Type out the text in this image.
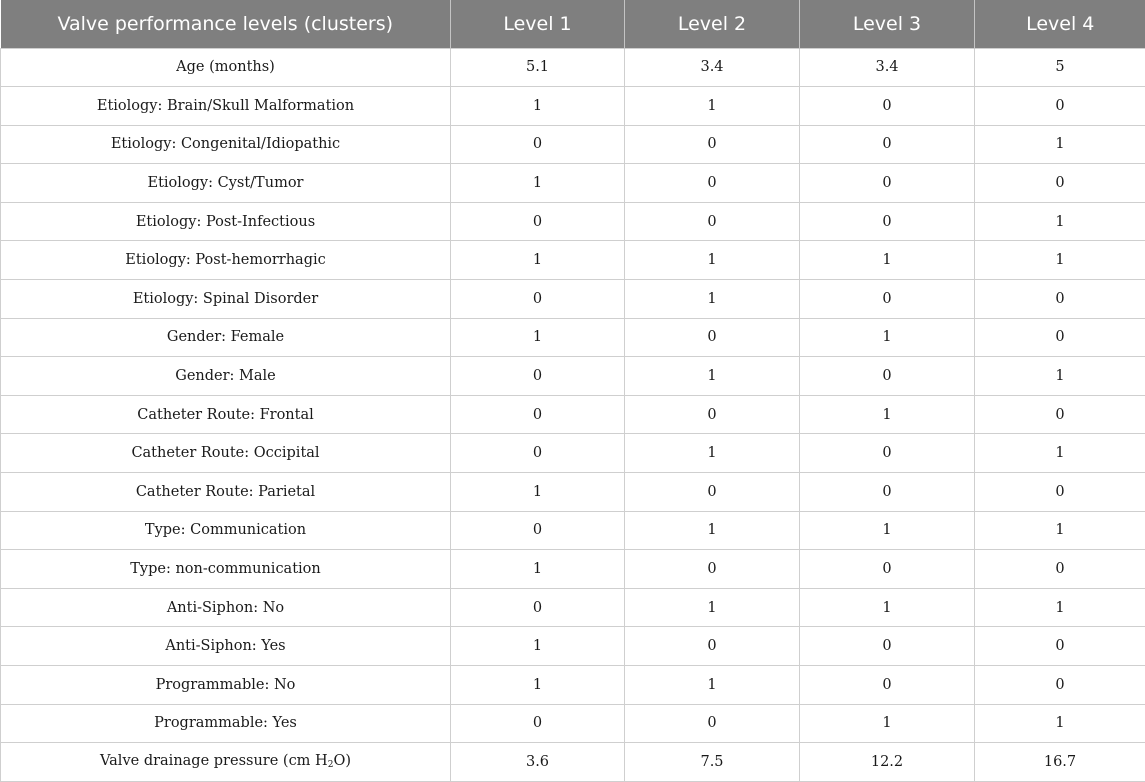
Valve performance levels (clusters)	Level 1	Level 2	Level 3	Level 4
Age (months)	5.1	3.4	3.4	5
Etiology: Brain/Skull Malformation	1	1	0	0
Etiology: Congenital/Idiopathic	0	0	0	1
Etiology: Cyst/Tumor	1	0	0	0
Etiology: Post-Infectious	0	0	0	1
Etiology: Post-hemorrhagic	1	1	1	1
Etiology: Spinal Disorder	0	1	0	0
Gender: Female	1	0	1	0
Gender: Male	0	1	0	1
Catheter Route: Frontal	0	0	1	0
Catheter Route: Occipital	0	1	0	1
Catheter Route: Parietal	1	0	0	0
Type: Communication	0	1	1	1
Type: non-communication	1	0	0	0
Anti-Siphon: No	0	1	1	1
Anti-Siphon: Yes	1	0	0	0
Programmable: No	1	1	0	0
Programmable: Yes	0	0	1	1
Valve drainage pressure (cm $H_2O$)	3.6	7.5	12.2	16.7
